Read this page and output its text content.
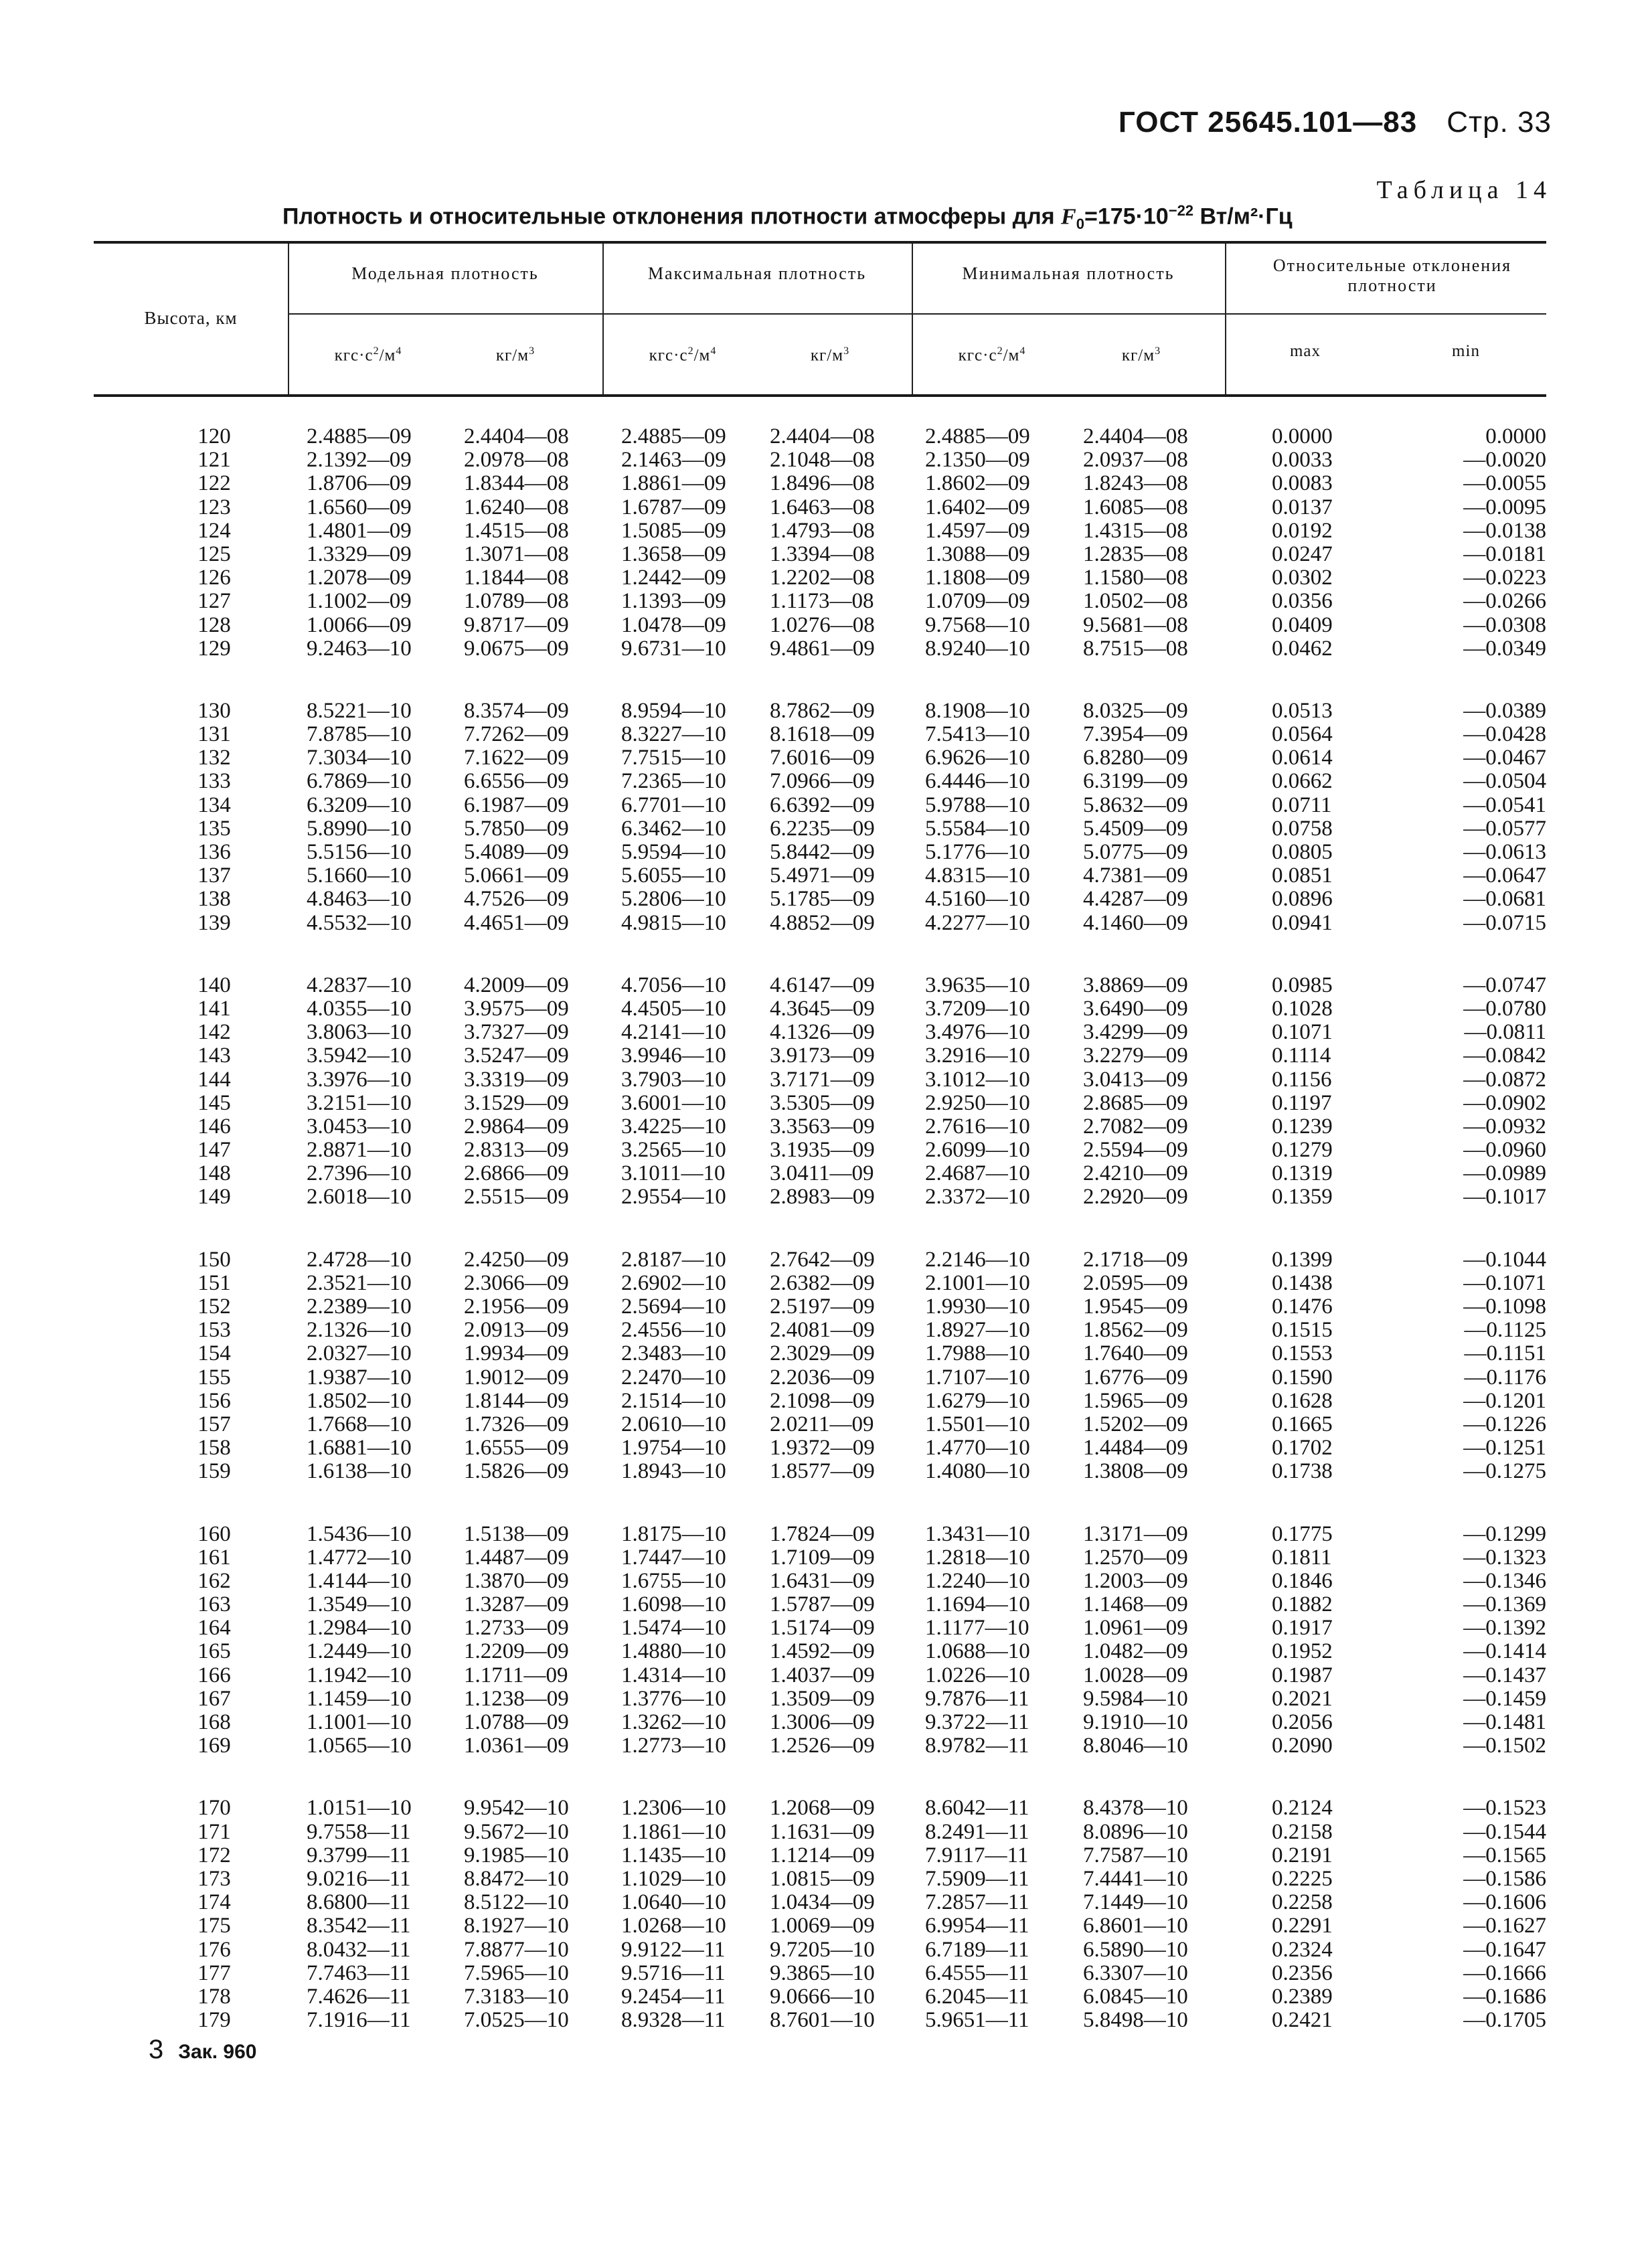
ГОСТ 25645.101—83 Стр. 33
Таблица 14
Плотность и относительные отклонения плотности атмосферы для $F_0=175\cdot 10^{-22}$ Вт/м²·Гц
Высота, км
Модельная плотность	Максимальная плотность	Минимальная плотность	Относительные отклонения плотности
$кгс\cdot с^2/м^4$	$кг/м^3$	$кгс\cdot с^2/м^4$	$кг/м^3$	$кгс\cdot с^2/м^4$	$кг/м^3$	max	min
120	2.4885—09 2.4404—08 2.4885—09 2.4404—08 2.4885—09 2.4404—08	0.0000	0.0000
121	2.1392—09 2.0978—08 2.1463—09 2.1048—08 2.1350—09 2.0937—08	0.0033	—0.0020
122	1.8706—09 1.8344—08 1.8861—09 1.8496—08 1.8602—09 1.8243—08	0.0083	—0.0055
123	1.6560—09 1.6240—08 1.6787—09 1.6463—08 1.6402—09 1.6085—08	0.0137	—0.0095
124	1.4801—09 1.4515—08 1.5085—09 1.4793—08 1.4597—09 1.4315—08	0.0192	—0.0138
125	1.3329—09 1.3071—08 1.3658—09 1.3394—08 1.3088—09 1.2835—08	0.0247	—0.0181
126	1.2078—09 1.1844—08 1.2442—09 1.2202—08 1.1808—09 1.1580—08	0.0302	—0.0223
127	1.1002—09 1.0789—08 1.1393—09 1.1173—08 1.0709—09 1.0502—08	0.0356	—0.0266
128	1.0066—09 9.8717—09 1.0478—09 1.0276—08 9.7568—10 9.5681—08	0.0409	—0.0308
129	9.2463—10 9.0675—09 9.6731—10 9.4861—09 8.9240—10 8.7515—08	0.0462	—0.0349
130	8.5221—10 8.3574—09 8.9594—10 8.7862—09 8.1908—10 8.0325—09	0.0513	—0.0389
131	7.8785—10 7.7262—09 8.3227—10 8.1618—09 7.5413—10 7.3954—09	0.0564	—0.0428
132	7.3034—10 7.1622—09 7.7515—10 7.6016—09 6.9626—10 6.8280—09	0.0614	—0.0467
133	6.7869—10 6.6556—09 7.2365—10 7.0966—09 6.4446—10 6.3199—09	0.0662	—0.0504
134	6.3209—10 6.1987—09 6.7701—10 6.6392—09 5.9788—10 5.8632—09	0.0711	—0.0541
135	5.8990—10 5.7850—09 6.3462—10 6.2235—09 5.5584—10 5.4509—09	0.0758	—0.0577
136	5.5156—10 5.4089—09 5.9594—10 5.8442—09 5.1776—10 5.0775—09	0.0805	—0.0613
137	5.1660—10 5.0661—09 5.6055—10 5.4971—09 4.8315—10 4.7381—09	0.0851	—0.0647
138	4.8463—10 4.7526—09 5.2806—10 5.1785—09 4.5160—10 4.4287—09	0.0896	—0.0681
139	4.5532—10 4.4651—09 4.9815—10 4.8852—09 4.2277—10 4.1460—09	0.0941	—0.0715
140	4.2837—10 4.2009—09 4.7056—10 4.6147—09 3.9635—10 3.8869—09	0.0985	—0.0747
141	4.0355—10 3.9575—09 4.4505—10 4.3645—09 3.7209—10 3.6490—09	0.1028	—0.0780
142	3.8063—10 3.7327—09 4.2141—10 4.1326—09 3.4976—10 3.4299—09	0.1071	—0.0811
143	3.5942—10 3.5247—09 3.9946—10 3.9173—09 3.2916—10 3.2279—09	0.1114	—0.0842
144	3.3976—10 3.3319—09 3.7903—10 3.7171—09 3.1012—10 3.0413—09	0.1156	—0.0872
145	3.2151—10 3.1529—09 3.6001—10 3.5305—09 2.9250—10 2.8685—09	0.1197	—0.0902
146	3.0453—10 2.9864—09 3.4225—10 3.3563—09 2.7616—10 2.7082—09	0.1239	—0.0932
147	2.8871—10 2.8313—09 3.2565—10 3.1935—09 2.6099—10 2.5594—09	0.1279	—0.0960
148	2.7396—10 2.6866—09 3.1011—10 3.0411—09 2.4687—10 2.4210—09	0.1319	—0.0989
149	2.6018—10 2.5515—09 2.9554—10 2.8983—09 2.3372—10 2.2920—09	0.1359	—0.1017
150	2.4728—10 2.4250—09 2.8187—10 2.7642—09 2.2146—10 2.1718—09	0.1399	—0.1044
151	2.3521—10 2.3066—09 2.6902—10 2.6382—09 2.1001—10 2.0595—09	0.1438	—0.1071
152	2.2389—10 2.1956—09 2.5694—10 2.5197—09 1.9930—10 1.9545—09	0.1476	—0.1098
153	2.1326—10 2.0913—09 2.4556—10 2.4081—09 1.8927—10 1.8562—09	0.1515	—0.1125
154	2.0327—10 1.9934—09 2.3483—10 2.3029—09 1.7988—10 1.7640—09	0.1553	—0.1151
155	1.9387—10 1.9012—09 2.2470—10 2.2036—09 1.7107—10 1.6776—09	0.1590	—0.1176
156	1.8502—10 1.8144—09 2.1514—10 2.1098—09 1.6279—10 1.5965—09	0.1628	—0.1201
157	1.7668—10 1.7326—09 2.0610—10 2.0211—09 1.5501—10 1.5202—09	0.1665	—0.1226
158	1.6881—10 1.6555—09 1.9754—10 1.9372—09 1.4770—10 1.4484—09	0.1702	—0.1251
159	1.6138—10 1.5826—09 1.8943—10 1.8577—09 1.4080—10 1.3808—09	0.1738	—0.1275
160	1.5436—10 1.5138—09 1.8175—10 1.7824—09 1.3431—10 1.3171—09	0.1775	—0.1299
161	1.4772—10 1.4487—09 1.7447—10 1.7109—09 1.2818—10 1.2570—09	0.1811	—0.1323
162	1.4144—10 1.3870—09 1.6755—10 1.6431—09 1.2240—10 1.2003—09	0.1846	—0.1346
163	1.3549—10 1.3287—09 1.6098—10 1.5787—09 1.1694—10 1.1468—09	0.1882	—0.1369
164	1.2984—10 1.2733—09 1.5474—10 1.5174—09 1.1177—10 1.0961—09	0.1917	—0.1392
165	1.2449—10 1.2209—09 1.4880—10 1.4592—09 1.0688—10 1.0482—09	0.1952	—0.1414
166	1.1942—10 1.1711—09 1.4314—10 1.4037—09 1.0226—10 1.0028—09	0.1987	—0.1437
167	1.1459—10 1.1238—09 1.3776—10 1.3509—09 9.7876—11 9.5984—10	0.2021	—0.1459
168	1.1001—10 1.0788—09 1.3262—10 1.3006—09 9.3722—11 9.1910—10	0.2056	—0.1481
169	1.0565—10 1.0361—09 1.2773—10 1.2526—09 8.9782—11 8.8046—10	0.2090	—0.1502
170	1.0151—10 9.9542—10 1.2306—10 1.2068—09 8.6042—11 8.4378—10	0.2124	—0.1523
171	9.7558—11 9.5672—10 1.1861—10 1.1631—09 8.2491—11 8.0896—10	0.2158	—0.1544
172	9.3799—11 9.1985—10 1.1435—10 1.1214—09 7.9117—11 7.7587—10	0.2191	—0.1565
173	9.0216—11 8.8472—10 1.1029—10 1.0815—09 7.5909—11 7.4441—10	0.2225	—0.1586
174	8.6800—11 8.5122—10 1.0640—10 1.0434—09 7.2857—11 7.1449—10	0.2258	—0.1606
175	8.3542—11 8.1927—10 1.0268—10 1.0069—09 6.9954—11 6.8601—10	0.2291	—0.1627
176	8.0432—11 7.8877—10 9.9122—11 9.7205—10 6.7189—11 6.5890—10	0.2324	—0.1647
177	7.7463—11 7.5965—10 9.5716—11 9.3865—10 6.4555—11 6.3307—10	0.2356	—0.1666
178	7.4626—11 7.3183—10 9.2454—11 9.0666—10 6.2045—11 6.0845—10	0.2389	—0.1686
179	7.1916—11 7.0525—10 8.9328—11 8.7601—10 5.9651—11 5.8498—10	0.2421	—0.1705
3 Зак. 960
